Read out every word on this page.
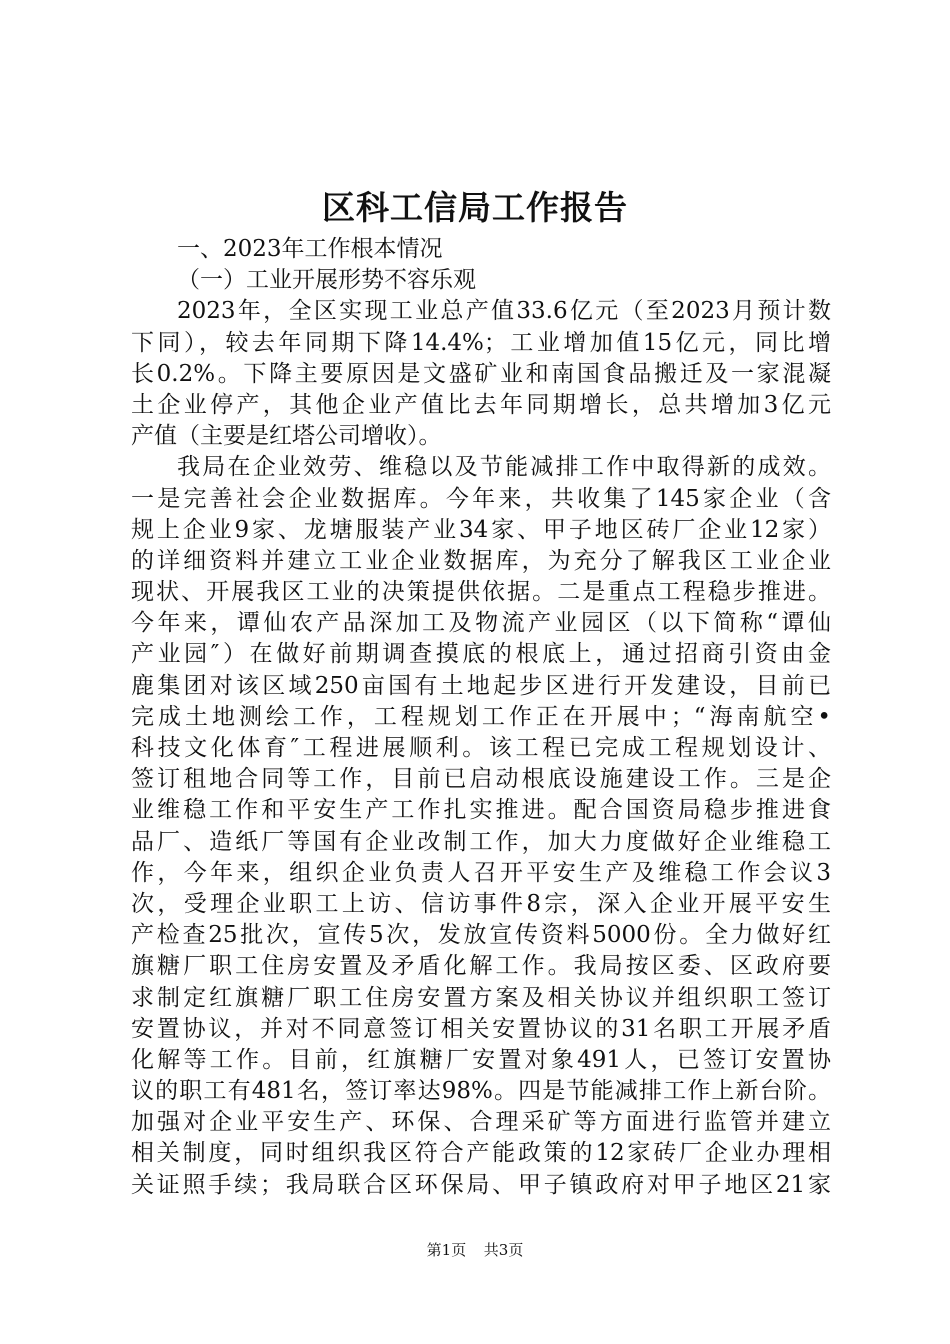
区科工信局工作报告
一、2023年工作根本情况
（一）工业开展形势不容乐观
2023年，全区实现工业总产值33.6亿元（至2023月预计数
下同），较去年同期下降14.4%；工业增加值15亿元，同比增
长0.2%。下降主要原因是文盛矿业和南国食品搬迁及一家混凝
土企业停产，其他企业产值比去年同期增长，总共增加3亿元
产值（主要是红塔公司增收）。
我局在企业效劳、维稳以及节能减排工作中取得新的成效。
一是完善社会企业数据库。今年来，共收集了145家企业（含
规上企业9家、龙塘服装产业34家、甲子地区砖厂企业12家）
的详细资料并建立工业企业数据库，为充分了解我区工业企业
现状、开展我区工业的决策提供依据。二是重点工程稳步推进。
今年来，谭仙农产品深加工及物流产业园区（以下简称“谭仙
产业园″）在做好前期调查摸底的根底上，通过招商引资由金
鹿集团对该区域250亩国有土地起步区进行开发建设，目前已
完成土地测绘工作，工程规划工作正在开展中；“海南航空•
科技文化体育″工程进展顺利。该工程已完成工程规划设计、
签订租地合同等工作，目前已启动根底设施建设工作。三是企
业维稳工作和平安生产工作扎实推进。配合国资局稳步推进食
品厂、造纸厂等国有企业改制工作，加大力度做好企业维稳工
作，今年来，组织企业负责人召开平安生产及维稳工作会议3
次，受理企业职工上访、信访事件8宗，深入企业开展平安生
产检查25批次，宣传5次，发放宣传资料5000份。全力做好红
旗糖厂职工住房安置及矛盾化解工作。我局按区委、区政府要
求制定红旗糖厂职工住房安置方案及相关协议并组织职工签订
安置协议，并对不同意签订相关安置协议的31名职工开展矛盾
化解等工作。目前，红旗糖厂安置对象491人，已签订安置协
议的职工有481名，签订率达98%。四是节能减排工作上新台阶。
加强对企业平安生产、环保、合理采矿等方面进行监管并建立
相关制度，同时组织我区符合产能政策的12家砖厂企业办理相
关证照手续；我局联合区环保局、甲子镇政府对甲子地区21家
第1页 共3页
